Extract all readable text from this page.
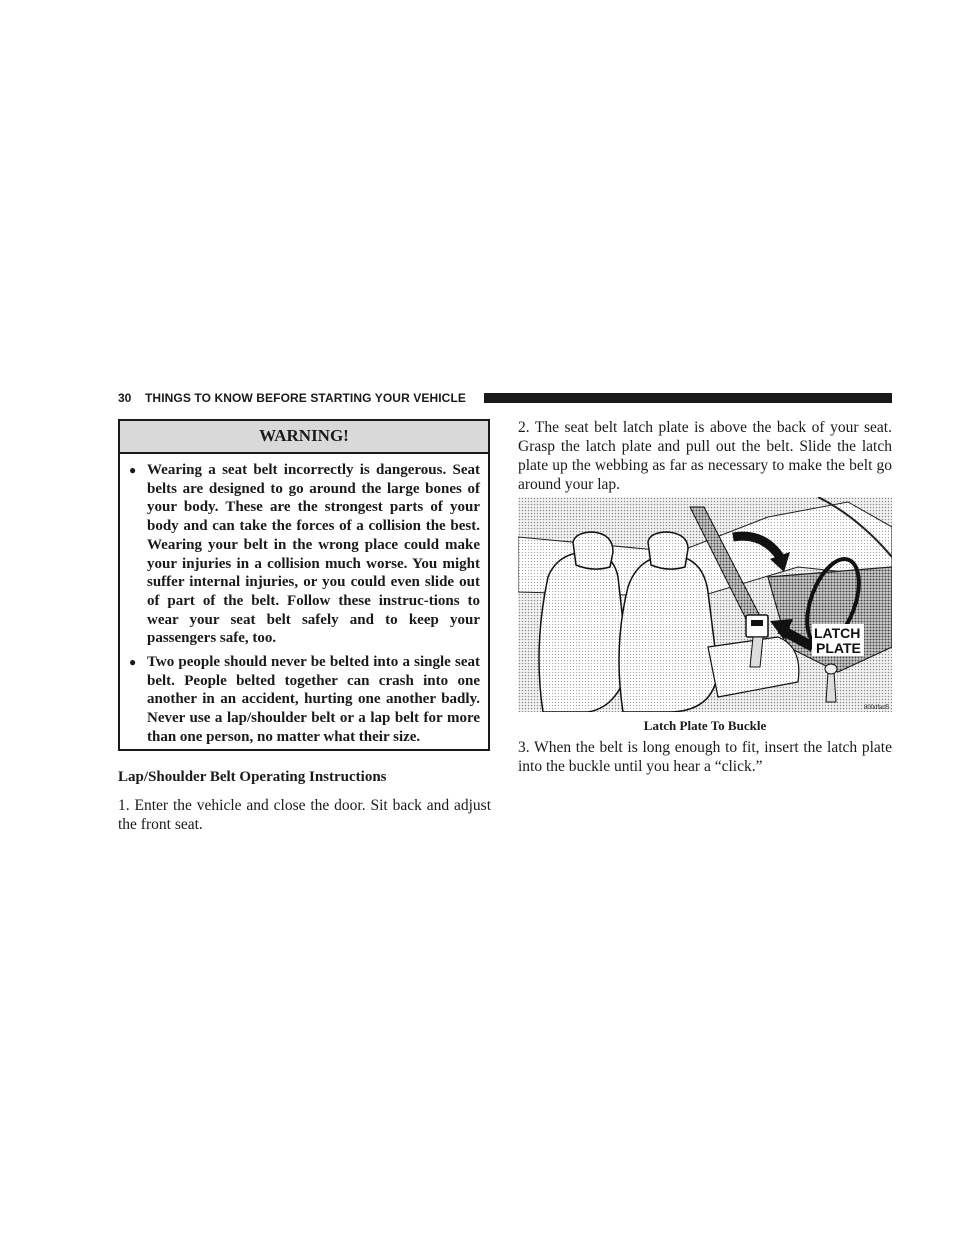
30 THINGS TO KNOW BEFORE STARTING YOUR VEHICLE
WARNING!
● Wearing a seat belt incorrectly is dangerous. Seat belts are designed to go around the large bones of your body. These are the strongest parts of your body and can take the forces of a collision the best. Wearing your belt in the wrong place could make your injuries in a collision much worse. You might suffer internal injuries, or you could even slide out of part of the belt. Follow these instruc-tions to wear your seat belt safely and to keep your passengers safe, too.
● Two people should never be belted into a single seat belt. People belted together can crash into one another in an accident, hurting one another badly. Never use a lap/shoulder belt or a lap belt for more than one person, no matter what their size.
Lap/Shoulder Belt Operating Instructions
1. Enter the vehicle and close the door. Sit back and adjust the front seat.
2. The seat belt latch plate is above the back of your seat. Grasp the latch plate and pull out the belt. Slide the latch plate up the webbing as far as necessary to make the belt go around your lap.
LATCH
PLATE
800dfad5
Latch Plate To Buckle
3. When the belt is long enough to fit, insert the latch plate into the buckle until you hear a “click.”
